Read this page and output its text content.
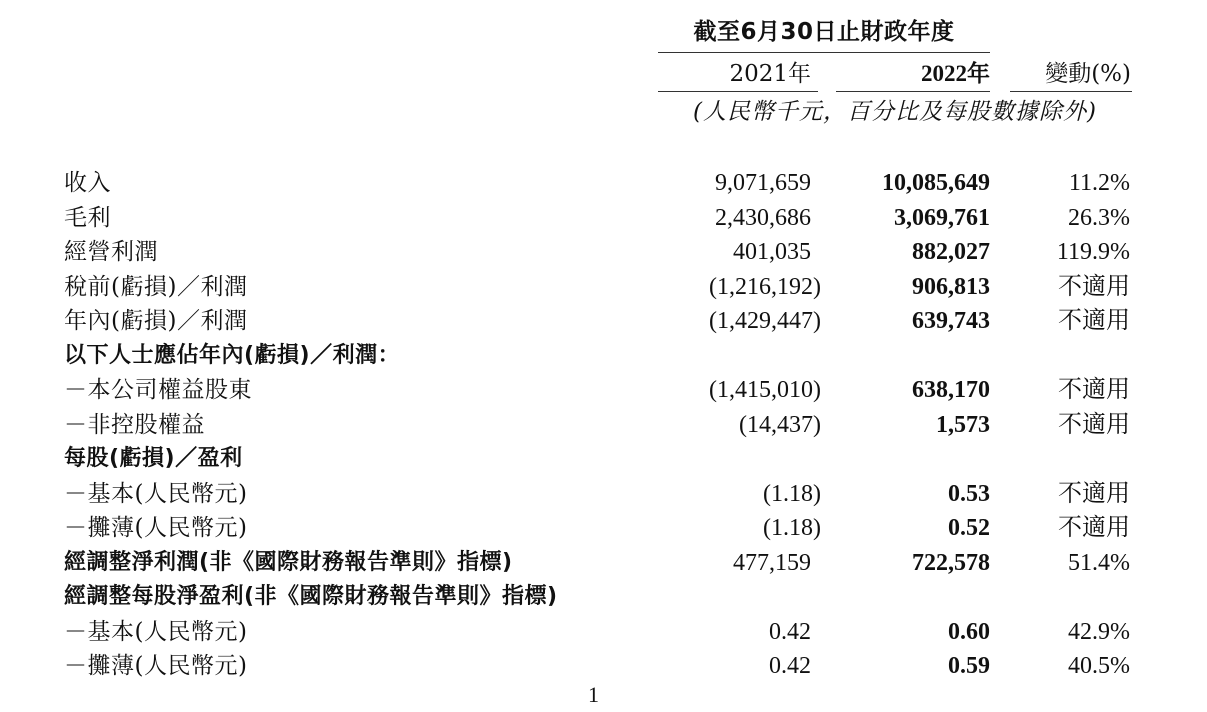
截至6月30日止財政年度
2021年	2022年 變動(%)
(人民幣千元，百分比及每股數據除外)
收入	9,071,659	10,085,649	11.2%
毛利	2,430,686	3,069,761	26.3%
經營利潤	401,035	882,027	119.9%
稅前(虧損)／利潤	(1,216,192)	906,813	不適用
年內(虧損)／利潤	(1,429,447)	639,743	不適用
以下人士應佔年內(虧損)／利潤：
－本公司權益股東	(1,415,010)	638,170	不適用
－非控股權益	(14,437)	1,573	不適用
每股(虧損)／盈利
－基本(人民幣元)	(1.18)	0.53	不適用
－攤薄(人民幣元)	(1.18)	0.52	不適用
經調整淨利潤(非《國際財務報告準則》指標)	477,159	722,578	51.4%
經調整每股淨盈利(非《國際財務報告準則》指標)
－基本(人民幣元)	0.42	0.60	42.9%
－攤薄(人民幣元)	0.42	0.59	40.5%
1
